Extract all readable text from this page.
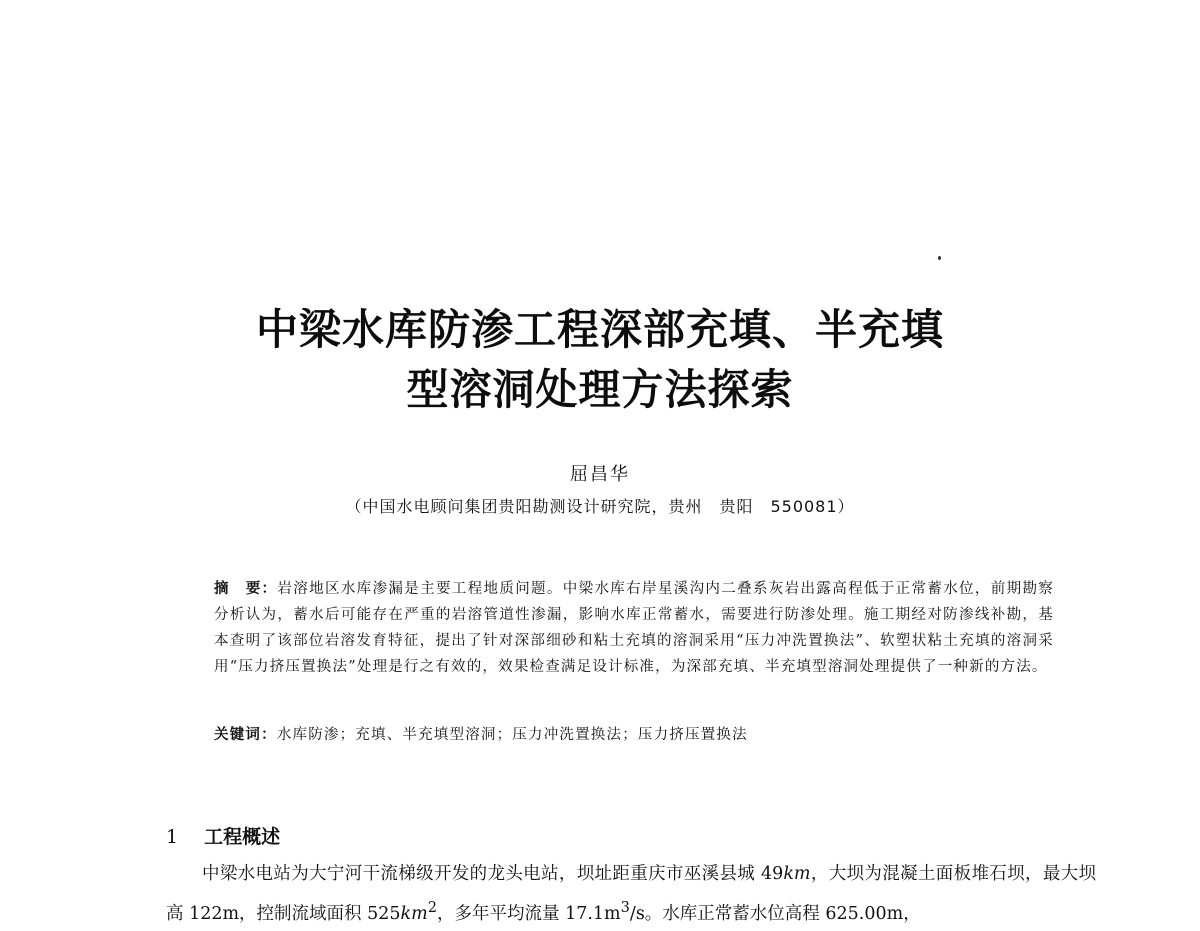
中梁水库防渗工程深部充填、半充填
型溶洞处理方法探索
屈昌华
（中国水电顾问集团贵阳勘测设计研究院，贵州　贵阳　550081）
摘　要：岩溶地区水库渗漏是主要工程地质问题。中梁水库右岸星溪沟内二叠系灰岩出露高程低于正常蓄水位，前期勘察分析认为，蓄水后可能存在严重的岩溶管道性渗漏，影响水库正常蓄水，需要进行防渗处理。施工期经对防渗线补勘，基本查明了该部位岩溶发育特征，提出了针对深部细砂和粘土充填的溶洞采用“压力冲洗置换法”、软塑状粘土充填的溶洞采用“压力挤压置换法”处理是行之有效的，效果检查满足设计标准，为深部充填、半充填型溶洞处理提供了一种新的方法。
关键词：水库防渗；充填、半充填型溶洞；压力冲洗置换法；压力挤压置换法
1 工程概述
中梁水电站为大宁河干流梯级开发的龙头电站，坝址距重庆市巫溪县城 49km，大坝为混凝土面板堆石坝，最大坝高 122m，控制流域面积 $525km^2$，多年平均流量 $17.1m^3/s$。水库正常蓄水位高程 625.00m，
